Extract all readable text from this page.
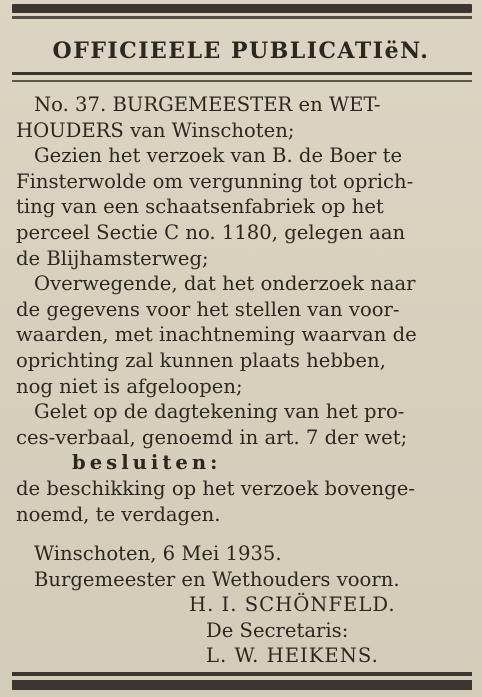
OFFICIEELE PUBLICATIëN.
No. 37. BURGEMEESTER en WET-
HOUDERS van Winschoten;
Gezien het verzoek van B. de Boer te
Finsterwolde om vergunning tot oprich-
ting van een schaatsenfabriek op het
perceel Sectie C no. 1180, gelegen aan
de Blijhamsterweg;
Overwegende, dat het onderzoek naar
de gegevens voor het stellen van voor-
waarden, met inachtneming waarvan de
oprichting zal kunnen plaats hebben,
nog niet is afgeloopen;
Gelet op de dagtekening van het pro-
ces-verbaal, genoemd in art. 7 der wet;
besluiten:
de beschikking op het verzoek bovenge-
noemd, te verdagen.
Winschoten, 6 Mei 1935.
Burgemeester en Wethouders voorn.
H. I. SCHÖNFELD.
De Secretaris:
L. W. HEIKENS.
